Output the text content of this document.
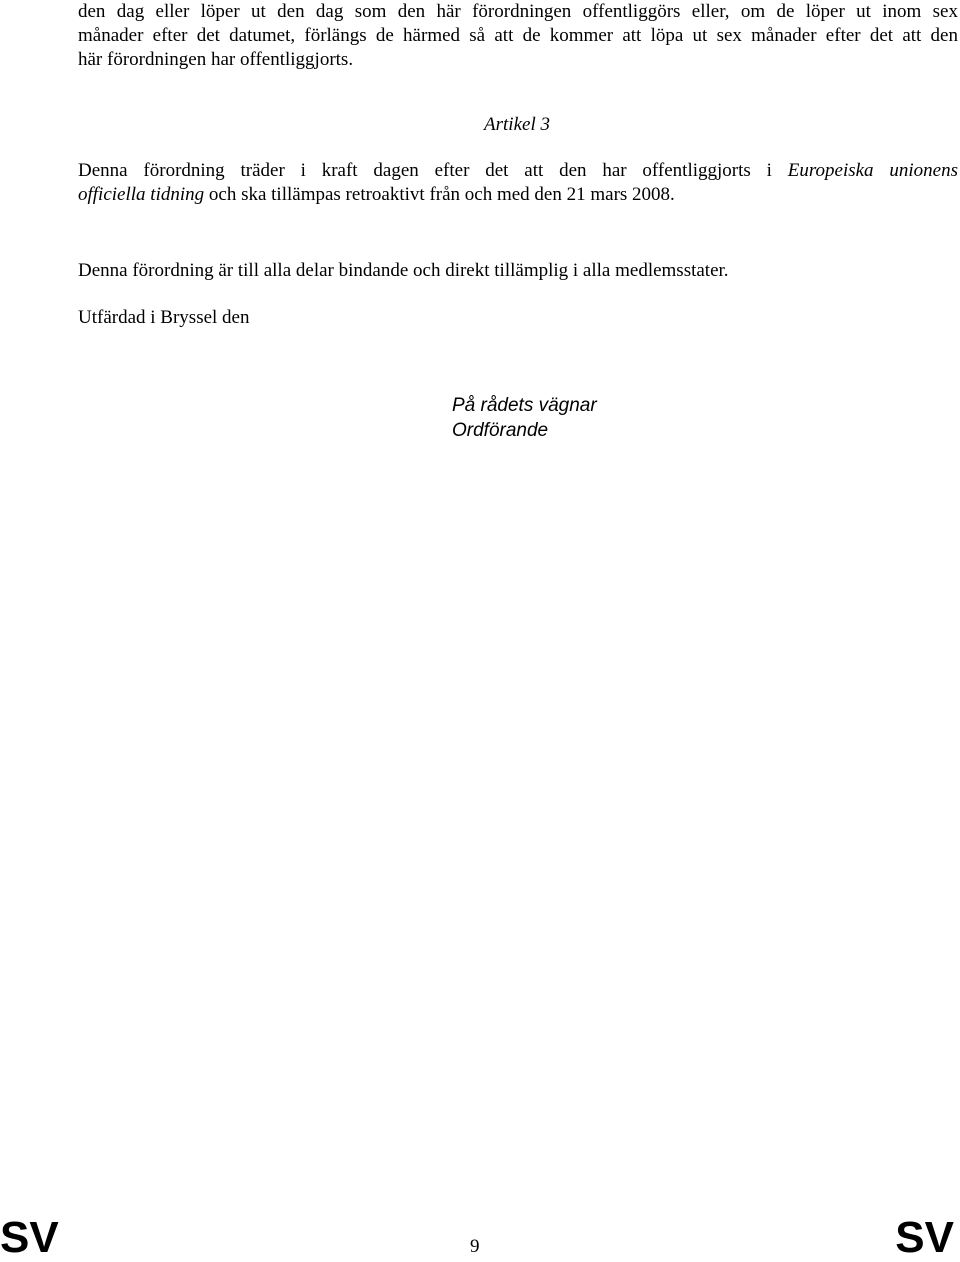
den dag eller löper ut den dag som den här förordningen offentliggörs eller, om de löper ut inom sex
månader efter det datumet, förlängs de härmed så att de kommer att löpa ut sex månader efter det att den
här förordningen har offentliggjorts.

Artikel 3

Denna förordning träder i kraft dagen efter det att den har offentliggjorts i Europeiska unionens
officiella tidning och ska tillämpas retroaktivt från och med den 21 mars 2008.
Denna förordning är till alla delar bindande och direkt tillämplig i alla medlemsstater.
Utfärdad i Bryssel den
På rådets vägnar
Ordförande
SV	9	SV
